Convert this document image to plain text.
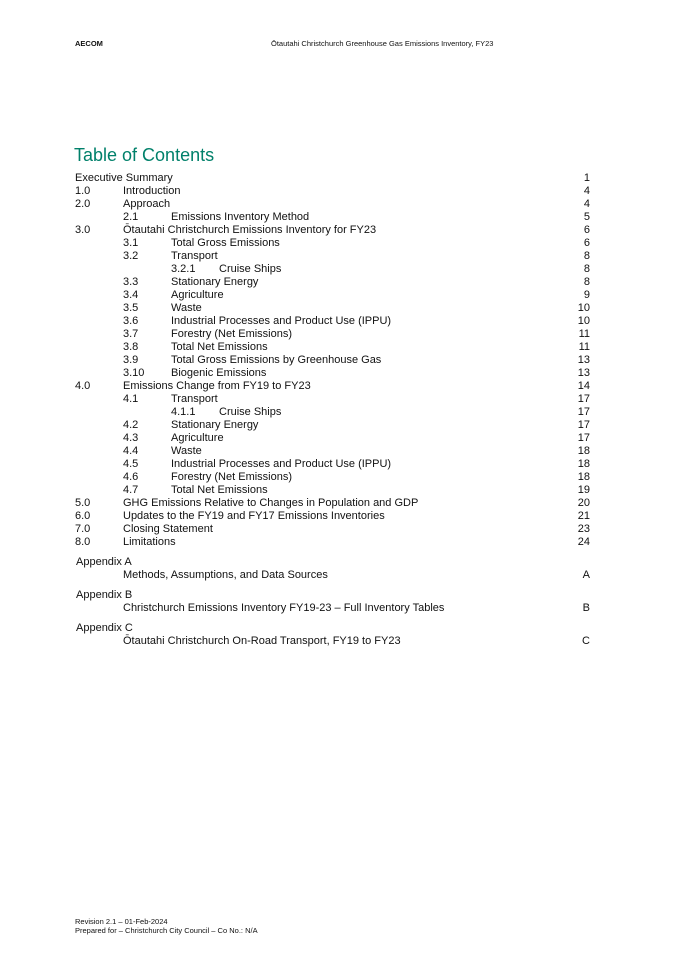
AECOM	Ōtautahi Christchurch Greenhouse Gas Emissions Inventory, FY23
Table of Contents
Executive Summary	1
1.0	Introduction	4
2.0	Approach	4
2.1	Emissions Inventory Method	5
3.0	Ōtautahi Christchurch Emissions Inventory for FY23	6
3.1	Total Gross Emissions	6
3.2	Transport	8
3.2.1 Cruise Ships	8
3.3	Stationary Energy	8
3.4	Agriculture	9
3.5	Waste	10
3.6	Industrial Processes and Product Use (IPPU)	10
3.7	Forestry (Net Emissions)	11
3.8	Total Net Emissions	11
3.9	Total Gross Emissions by Greenhouse Gas	13
3.10 Biogenic Emissions	13
4.0	Emissions Change from FY19 to FY23	14
4.1	Transport	17
4.1.1 Cruise Ships	17
4.2	Stationary Energy	17
4.3	Agriculture	17
4.4	Waste	18
4.5	Industrial Processes and Product Use (IPPU)	18
4.6	Forestry (Net Emissions)	18
4.7	Total Net Emissions	19
5.0	GHG Emissions Relative to Changes in Population and GDP	20
6.0	Updates to the FY19 and FY17 Emissions Inventories	21
7.0	Closing Statement	23
8.0	Limitations	24
Appendix A
Methods, Assumptions, and Data Sources	A
Appendix B
Christchurch Emissions Inventory FY19-23 – Full Inventory Tables	B
Appendix C
Ōtautahi Christchurch On-Road Transport, FY19 to FY23	C
Revision 2.1 – 01-Feb-2024
Prepared for – Christchurch City Council – Co No.: N/A
